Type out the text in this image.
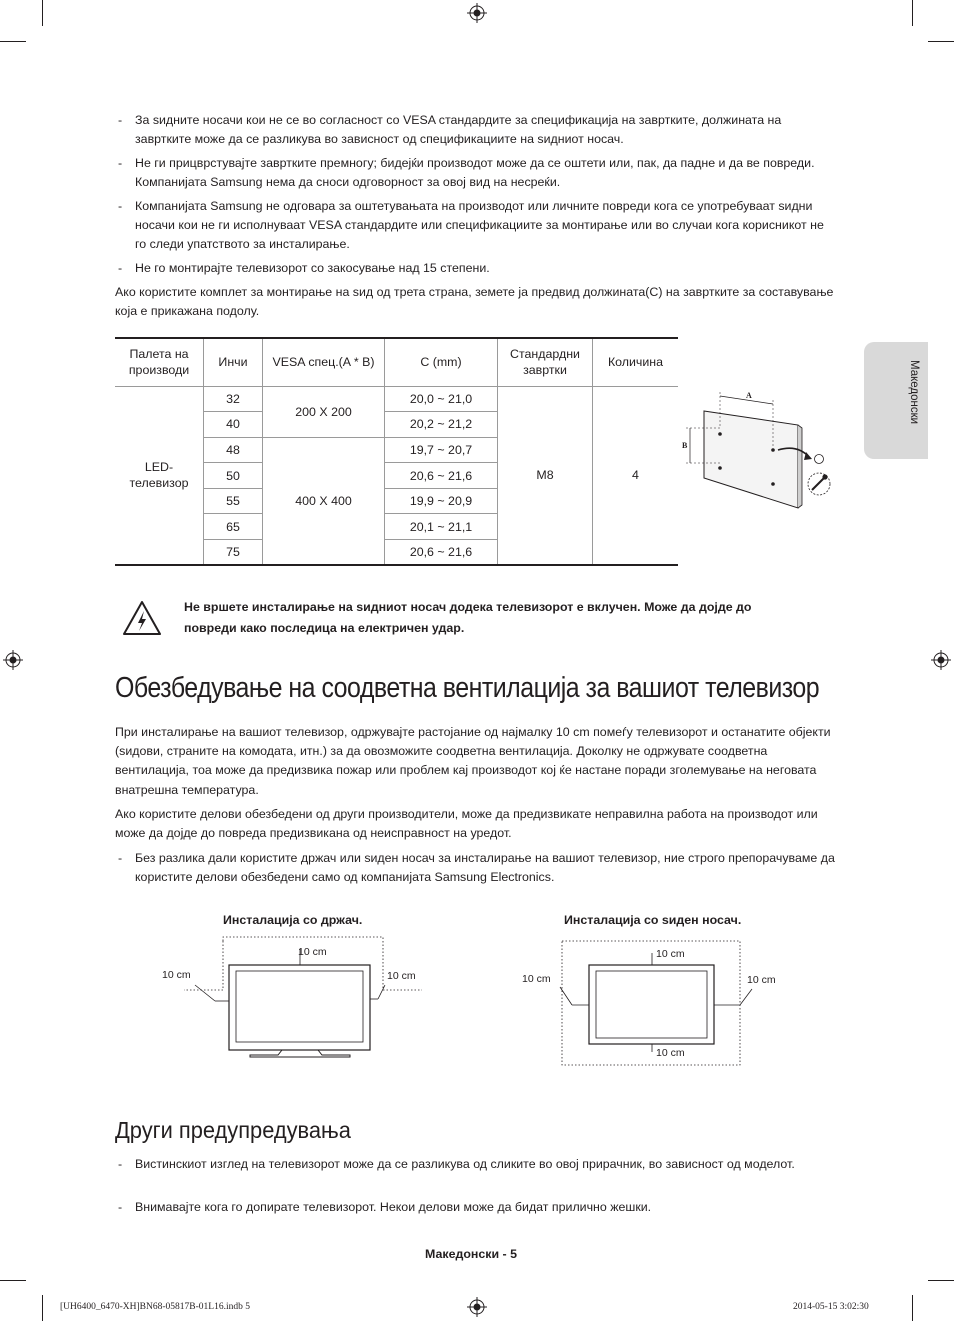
- За ѕидните носачи кои не се во согласност со VESA стандардите за спецификација на завртките, должината на завртките може да се разликува во зависност од спецификациите на ѕидниот носач.
- Не ги прицврстувајте завртките премногу; бидејќи производот може да се оштети или, пак, да падне и да ве повреди. Компанијата Samsung нема да сноси одговорност за овој вид на несреќи.
- Компанијата Samsung не одговара за оштетувањата на производот или личните повреди кога се употребуваат ѕидни носачи кои не ги исполнуваат VESA стандардите или спецификациите за монтирање или во случаи кога корисникот не го следи упатството за инсталирање.
- Не го монтирајте телевизорот со закосување над 15 степени.
Ако користите комплет за монтирање на ѕид од трета страна, земете ја предвид должината(C) на завртките за составување која е прикажана подолу.
Палета на производи	Инчи	VESA спец.(A * B)	C (mm)	Стандардни завртки	Количина
LED-телевизор	32	200 X 200	20,0 ~ 21,0	M8	4
	40		20,2 ~ 21,2		
	48	400 X 400	19,7 ~ 20,7		
	50		20,6 ~ 21,6		
	55		19,9 ~ 20,9		
	65		20,1 ~ 21,1		
	75		20,6 ~ 21,6		
A
B
Македонски
Не вршете инсталирање на ѕидниот носач додека телевизорот е вклучен. Може да дојде до повреди како последица на електричен удар.
Обезбедување на соодветна вентилација за вашиот телевизор
При инсталирање на вашиот телевизор, одржувајте растојание од најмалку 10 cm помеѓу телевизорот и останатите објекти (ѕидови, страните на комодата, итн.) за да овозможите соодветна вентилација. Доколку не одржувате соодветна вентилација, тоа може да предизвика пожар или проблем кај производот кој ќе настане поради зголемување на неговата внатрешна температура.
Ако користите делови обезбедени од други производители, може да предизвикате неправилна работа на производот или може да дојде до повреда предизвикана од неисправност на уредот.
- Без разлика дали користите држач или ѕиден носач за инсталирање на вашиот телевизор, ние строго препорачуваме да користите делови обезбедени само од компанијата Samsung Electronics.
Инсталација со држач.	Инсталација со ѕиден носач.
10 cm
10 cm	10 cm
10 cm
10 cm	10 cm
10 cm
Други предупредувања
- Вистинскиот изглед на телевизорот може да се разликува од сликите во овој прирачник, во зависност од моделот.
- Внимавајте кога го допирате телевизорот. Некои делови може да бидат прилично жешки.
Македонски - 5
[UH6400_6470-XH]BN68-05817B-01L16.indb 5	2014-05-15 3:02:30
